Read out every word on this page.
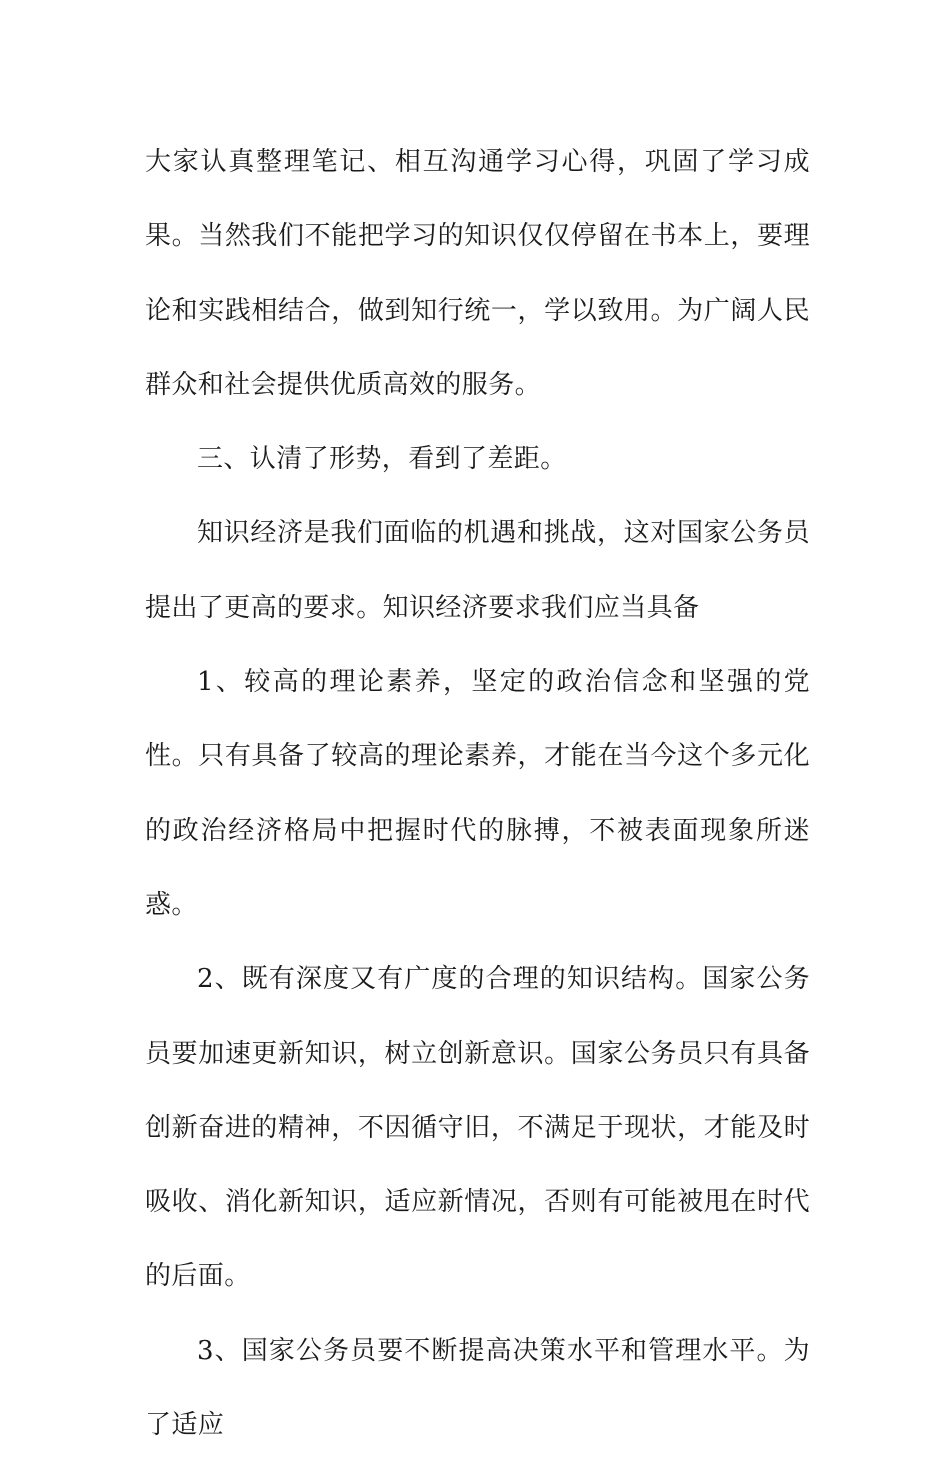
大家认真整理笔记、相互沟通学习心得，巩固了学习成果。当然我们不能把学习的知识仅仅停留在书本上，要理论和实践相结合，做到知行统一，学以致用。为广阔人民群众和社会提供优质高效的服务。

三、认清了形势，看到了差距。

知识经济是我们面临的机遇和挑战，这对国家公务员提出了更高的要求。知识经济要求我们应当具备

1、较高的理论素养，坚定的政治信念和坚强的党性。只有具备了较高的理论素养，才能在当今这个多元化的政治经济格局中把握时代的脉搏，不被表面现象所迷惑。

2、既有深度又有广度的合理的知识结构。国家公务员要加速更新知识，树立创新意识。国家公务员只有具备创新奋进的精神，不因循守旧，不满足于现状，才能及时吸收、消化新知识，适应新情况，否则有可能被甩在时代的后面。

3、国家公务员要不断提高决策水平和管理水平。为了适应
